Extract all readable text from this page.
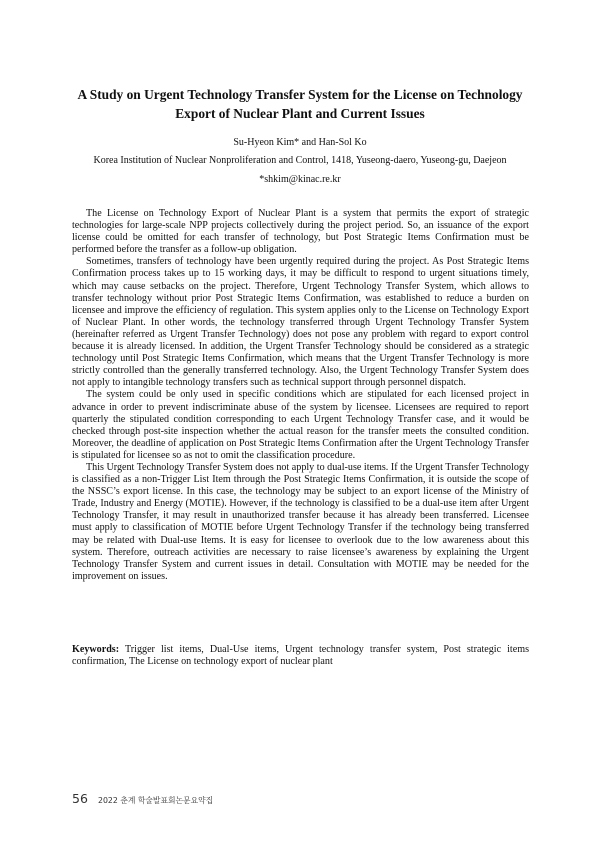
A Study on Urgent Technology Transfer System for the License on Technology Export of Nuclear Plant and Current Issues
Su-Hyeon Kim* and Han-Sol Ko
Korea Institution of Nuclear Nonproliferation and Control, 1418, Yuseong-daero, Yuseong-gu, Daejeon
*shkim@kinac.re.kr

The License on Technology Export of Nuclear Plant is a system that permits the export of strategic technologies for large-scale NPP projects collectively during the project period. So, an issuance of the export license could be omitted for each transfer of technology, but Post Strategic Items Confirmation must be performed before the transfer as a follow-up obligation.

Sometimes, transfers of technology have been urgently required during the project. As Post Strategic Items Confirmation process takes up to 15 working days, it may be difficult to respond to urgent situations timely, which may cause setbacks on the project. Therefore, Urgent Technology Transfer System, which allows to transfer technology without prior Post Strategic Items Confirmation, was established to reduce a burden on licensee and improve the efficiency of regulation. This system applies only to the License on Technology Export of Nuclear Plant. In other words, the technology transferred through Urgent Technology Transfer System (hereinafter referred as Urgent Transfer Technology) does not pose any problem with regard to export control because it is already licensed. In addition, the Urgent Transfer Technology should be considered as a strategic technology until Post Strategic Items Confirmation, which means that the Urgent Transfer Technology is more strictly controlled than the generally transferred technology. Also, the Urgent Technology Transfer System does not apply to intangible technology transfers such as technical support through personnel dispatch.

The system could be only used in specific conditions which are stipulated for each licensed project in advance in order to prevent indiscriminate abuse of the system by licensee. Licensees are required to report quarterly the stipulated condition corresponding to each Urgent Technology Transfer case, and it would be checked through post-site inspection whether the actual reason for the transfer meets the consulted condition. Moreover, the deadline of application on Post Strategic Items Confirmation after the Urgent Technology Transfer is stipulated for licensee so as not to omit the classification procedure.

This Urgent Technology Transfer System does not apply to dual-use items. If the Urgent Transfer Technology is classified as a non-Trigger List Item through the Post Strategic Items Confirmation, it is outside the scope of the NSSC’s export license. In this case, the technology may be subject to an export license of the Ministry of Trade, Industry and Energy (MOTIE). However, if the technology is classified to be a dual-use item after Urgent Technology Transfer, it may result in unauthorized transfer because it has already been transferred. Licensee must apply to classification of MOTIE before Urgent Technology Transfer if the technology being transferred may be related with Dual-use Items. It is easy for licensee to overlook due to the low awareness about this system. Therefore, outreach activities are necessary to raise licensee’s awareness by explaining the Urgent Technology Transfer System and current issues in detail. Consultation with MOTIE may be needed for the improvement on issues.

Keywords: Trigger list items, Dual-Use items, Urgent technology transfer system, Post strategic items confirmation, The License on technology export of nuclear plant
56 2022 춘계 학술발표회논문요약집
